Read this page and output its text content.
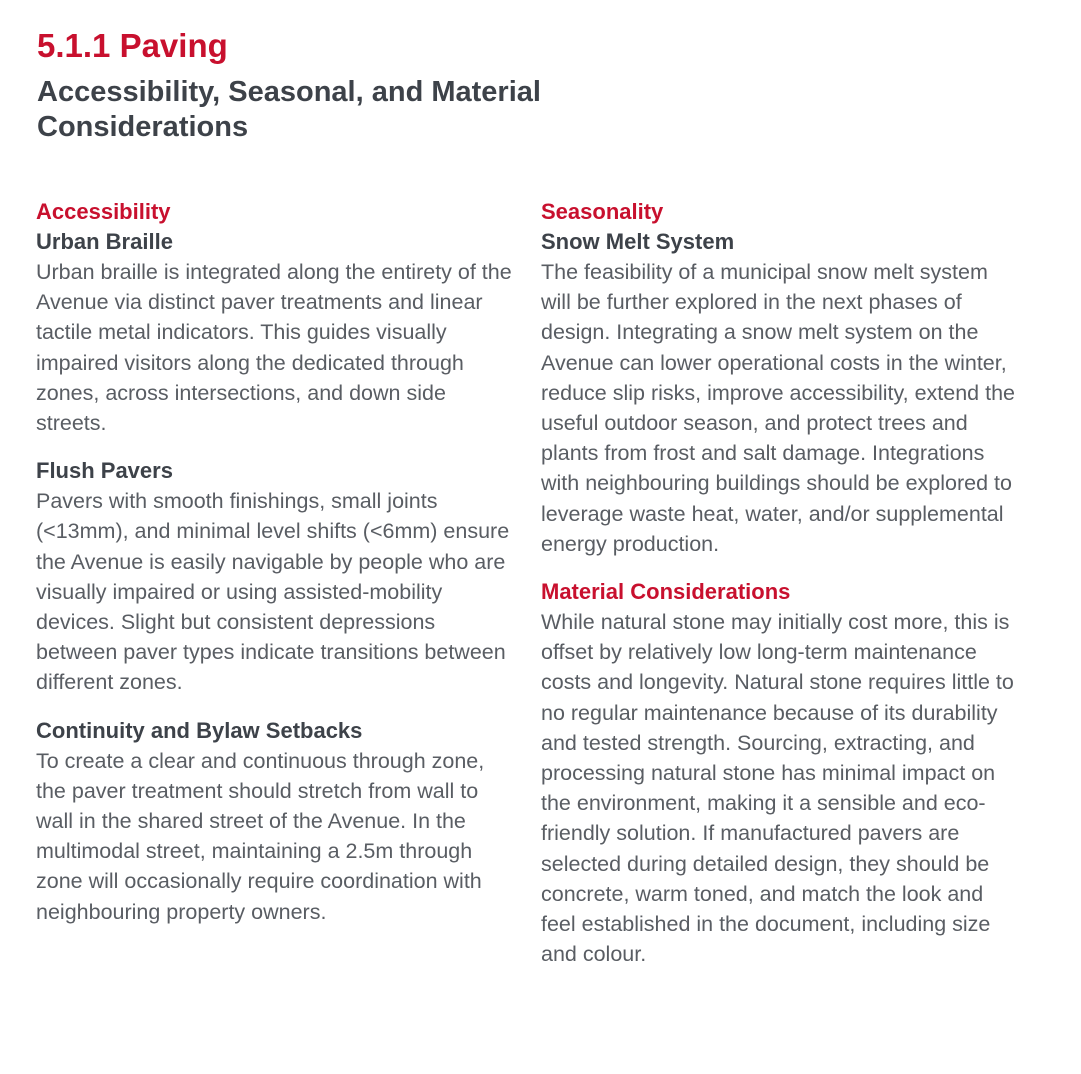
5.1.1 Paving
Accessibility, Seasonal, and Material Considerations
Accessibility
Urban Braille

Urban braille is integrated along the entirety of the Avenue via distinct paver treatments and linear tactile metal indicators. This guides visually impaired visitors along the dedicated through zones, across intersections, and down side streets.

Flush Pavers

Pavers with smooth finishings, small joints (<13mm), and minimal level shifts (<6mm) ensure the Avenue is easily navigable by people who are visually impaired or using assisted-mobility devices. Slight but consistent depressions between paver types indicate transitions between different zones.

Continuity and Bylaw Setbacks

To create a clear and continuous through zone, the paver treatment should stretch from wall to wall in the shared street of the Avenue. In the multimodal street, maintaining a 2.5m through zone will occasionally require coordination with neighbouring property owners.

Seasonality
Snow Melt System

The feasibility of a municipal snow melt system will be further explored in the next phases of design. Integrating a snow melt system on the Avenue can lower operational costs in the winter, reduce slip risks, improve accessibility, extend the useful outdoor season, and protect trees and plants from frost and salt damage. Integrations with neighbouring buildings should be explored to leverage waste heat, water, and/or supplemental energy production.

Material Considerations

While natural stone may initially cost more, this is offset by relatively low long-term maintenance costs and longevity. Natural stone requires little to no regular maintenance because of its durability and tested strength. Sourcing, extracting, and processing natural stone has minimal impact on the environment, making it a sensible and eco-friendly solution. If manufactured pavers are selected during detailed design, they should be concrete, warm toned, and match the look and feel established in the document, including size and colour.
